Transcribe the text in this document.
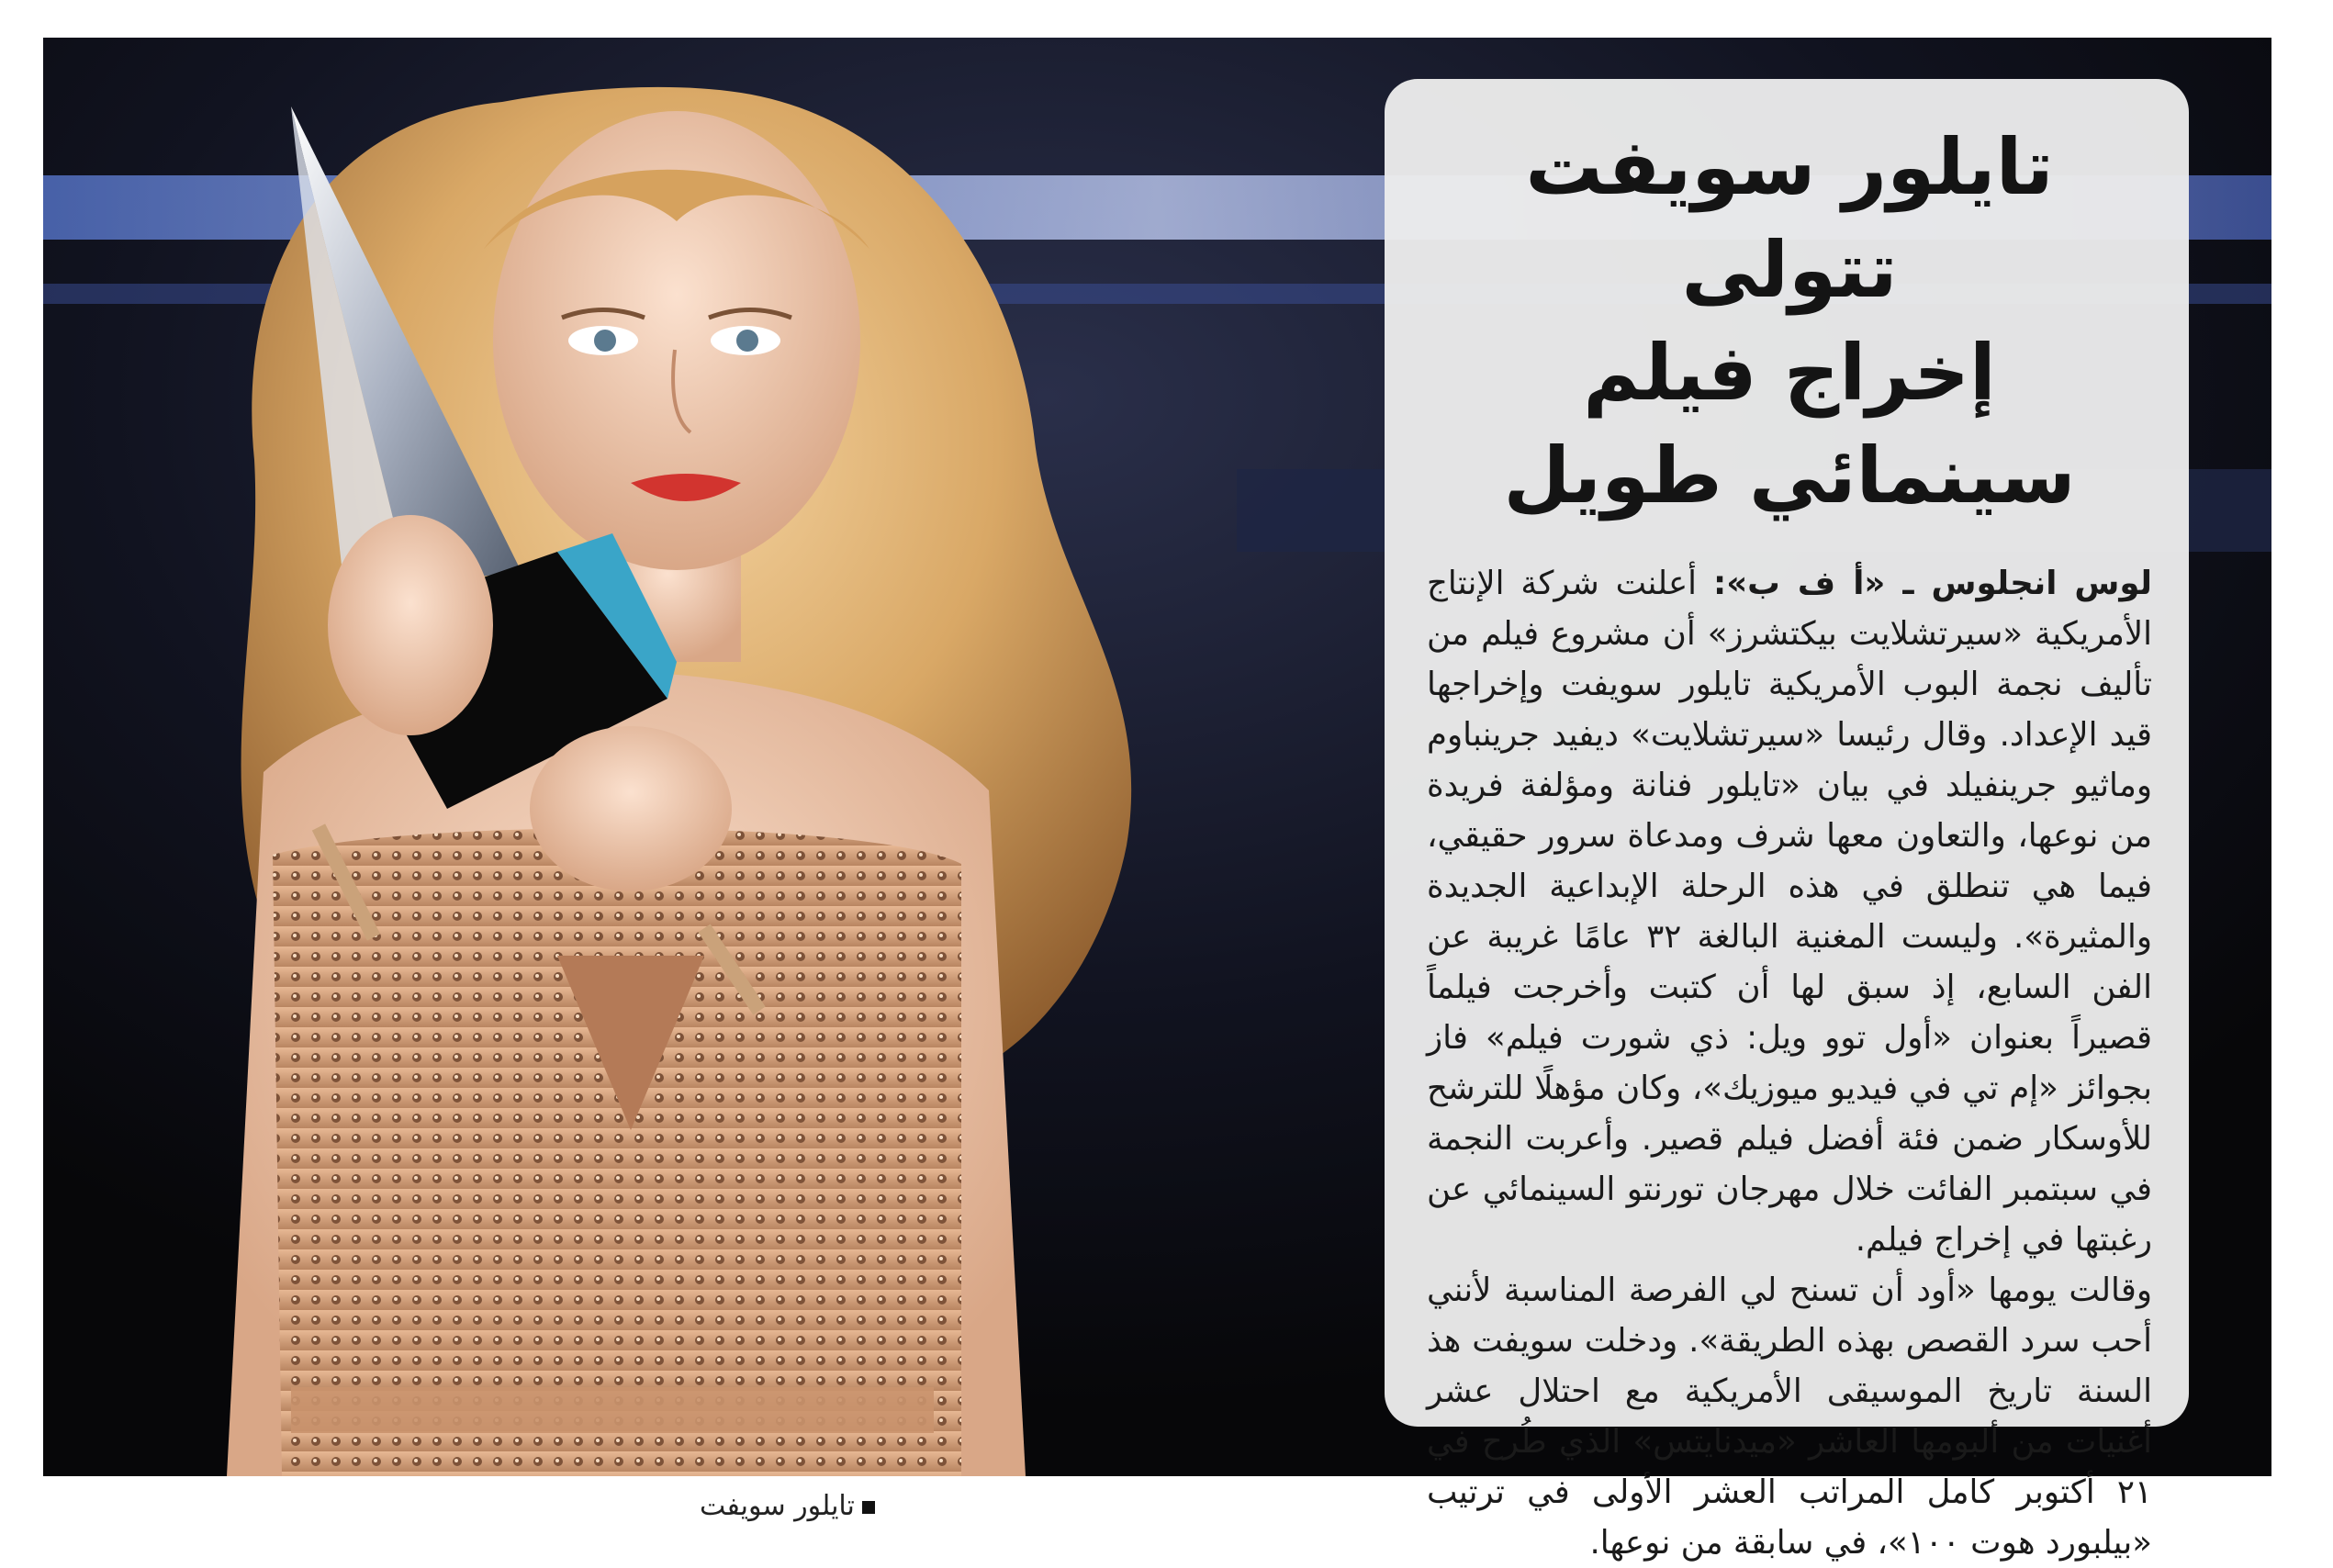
تايلور سويفت تتولى
إخراج فيلم سينمائي طويل

لوس انجلوس ـ «أ ف ب»: أعلنت شركة الإنتاج الأمريكية «سيرتشلايت بيكتشرز» أن مشروع فيلم من تأليف نجمة البوب الأمريكية تايلور سويفت وإخراجها قيد الإعداد. وقال رئيسا «سيرتشلايت» ديفيد جرينباوم وماثيو جرينفيلد في بيان «تايلور فنانة ومؤلفة فريدة من نوعها، والتعاون معها شرف ومدعاة سرور حقيقي، فيما هي تنطلق في هذه الرحلة الإبداعية الجديدة والمثيرة». وليست المغنية البالغة ٣٢ عامًا غريبة عن الفن السابع، إذ سبق لها أن كتبت وأخرجت فيلماً قصيراً بعنوان «أول توو ويل: ذي شورت فيلم» فاز بجوائز «إم تي في فيديو ميوزيك»، وكان مؤهلًا للترشح للأوسكار ضمن فئة أفضل فيلم قصير. وأعربت النجمة في سبتمبر الفائت خلال مهرجان تورنتو السينمائي عن رغبتها في إخراج فيلم.

وقالت يومها «أود أن تسنح لي الفرصة المناسبة لأنني أحب سرد القصص بهذه الطريقة». ودخلت سويفت هذ السنة تاريخ الموسيقى الأمريكية مع احتلال عشر أغنيات من ألبومها العاشر «ميدنايتس» الذي طُرح في ٢١ أكتوبر كامل المراتب العشر الأولى في ترتيب «بيلبورد هوت ١٠٠»، في سابقة من نوعها.

تايلور سويفت
